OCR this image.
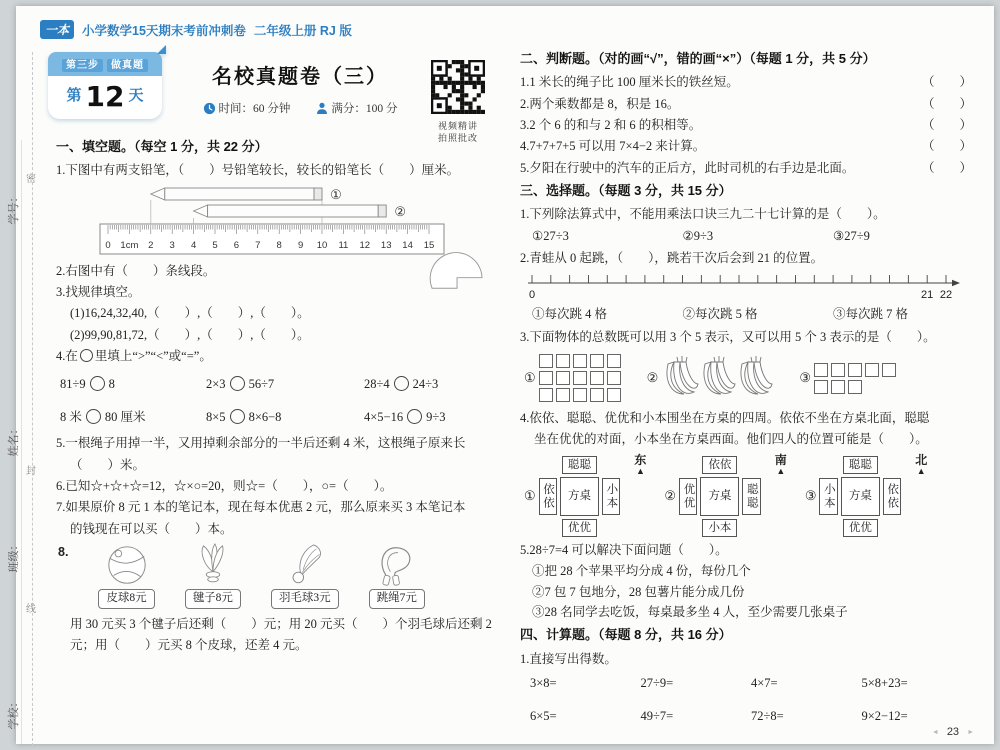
密
学号：
姓名：
封
班级：
线
学校：
一本	小学数学15天期末考前冲刺卷 二年级上册 RJ 版
第三步 做真题
第 12 天
名校真题卷（三）
时间：60 分钟	满分：100 分
视频精讲
拍照批改
一、填空题。（每空 1 分，共 22 分）
1.下图中有两支铅笔，（　　）号铅笔较长，较长的铅笔长（　　）厘米。
0 1cm 2 3 4 5 6 7 8 9 10 11 12 13 14 15
①
②
2.右图中有（　　）条线段。
3.找规律填空。
(1)16,24,32,40,（　　）,（　　）,（　　）。
(2)99,90,81,72,（　　）,（　　）,（　　）。
4.在 里填上“>”“<”或“=”。
81÷9 8	2×3 56÷7	28÷4 24÷3
8 米 80 厘米	8×5 8×6−8	4×5−16 9÷3
5.一根绳子用掉一半，又用掉剩余部分的一半后还剩 4 米，这根绳子原来长
（　　）米。
6.已知☆+☆+☆=12，☆×○=20，则☆=（　　），○=（　　）。
7.如果原价 8 元 1 本的笔记本，现在每本优惠 2 元，那么原来买 3 本笔记本
的钱现在可以买（　　）本。
8.
皮球8元	毽子8元	羽毛球3元	跳绳7元
用 30 元买 3 个毽子后还剩（　　）元；用 20 元买（　　）个羽毛球后还剩 2
元；用（　　）元买 8 个皮球，还差 4 元。
二、判断题。（对的画“√”，错的画“×”）（每题 1 分，共 5 分）
1.1 米长的绳子比 100 厘米长的铁丝短。	（　　）
2.两个乘数都是 8，积是 16。	（　　）
3.2 个 6 的和与 2 和 6 的积相等。	（　　）
4.7+7+7+5 可以用 7×4−2 来计算。	（　　）
5.夕阳在行驶中的汽车的正后方，此时司机的右手边是北面。	（　　）
三、选择题。（每题 3 分，共 15 分）
1.下列除法算式中，不能用乘法口诀三九二十七计算的是（　　）。
①27÷3	②9÷3	③27÷9
2.青蛙从 0 起跳，（　　），跳若干次后会到 21 的位置。
0	21 22
①每次跳 4 格	②每次跳 5 格	③每次跳 7 格
3.下面物体的总数既可以用 3 个 5 表示，又可以用 5 个 3 表示的是（　　）。
①	②	③
4.依依、聪聪、优优和小本围坐在方桌的四周。依依不坐在方桌北面，聪聪
坐在优优的对面，小本坐在方桌西面。他们四人的位置可能是（　　）。
①
聪聪
依依	方桌	小本
优优
东
▲
②
依依
优优	方桌	聪聪
小本
南
▲
③
聪聪
小本	方桌	依依
优优
北
▲
5.28÷7=4 可以解决下面问题（　　）。
①把 28 个苹果平均分成 4 份，每份几个
②7 包 7 包地分，28 包薯片能分成几份
③28 名同学去吃饭，每桌最多坐 4 人，至少需要几张桌子
四、计算题。（每题 8 分，共 16 分）
1.直接写出得数。
3×8=	27÷9=	4×7=	5×8+23=
6×5=	49÷7=	72÷8=	9×2−12=
◄ 23 ►
